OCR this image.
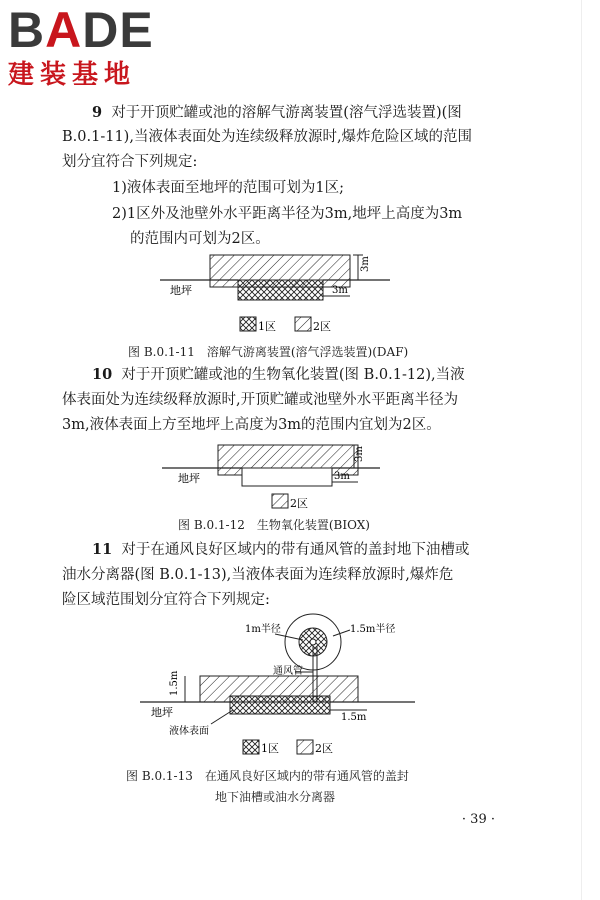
BADE
建装基地
9 对于开顶贮罐或池的溶解气游离装置(溶气浮选装置)(图
B.0.1-11),当液体表面处为连续级释放源时,爆炸危险区域的范围
划分宜符合下列规定:
1)液体表面至地坪的范围可划为1区;
2)1区外及池壁外水平距离半径为3m,地坪上高度为3m
的范围内可划为2区。
地坪
3m
3m
1区	2区
图 B.0.1-11　溶解气游离装置(溶气浮选装置)(DAF)
10 对于开顶贮罐或池的生物氧化装置(图 B.0.1-12),当液
体表面处为连续级释放源时,开顶贮罐或池壁外水平距离半径为
3m,液体表面上方至地坪上高度为3m的范围内宜划为2区。
地坪
3m
3m
2区
图 B.0.1-12　生物氧化装置(BIOX)
11 对于在通风良好区域内的带有通风管的盖封地下油槽或
油水分离器(图 B.0.1-13),当液体表面为连续释放源时,爆炸危
险区域范围划分宜符合下列规定:
1m半径	1.5m半径
通风管
地坪
1.5m
1.5m
液体表面
1区	2区
图 B.0.1-13　在通风良好区域内的带有通风管的盖封
地下油槽或油水分离器
· 39 ·
